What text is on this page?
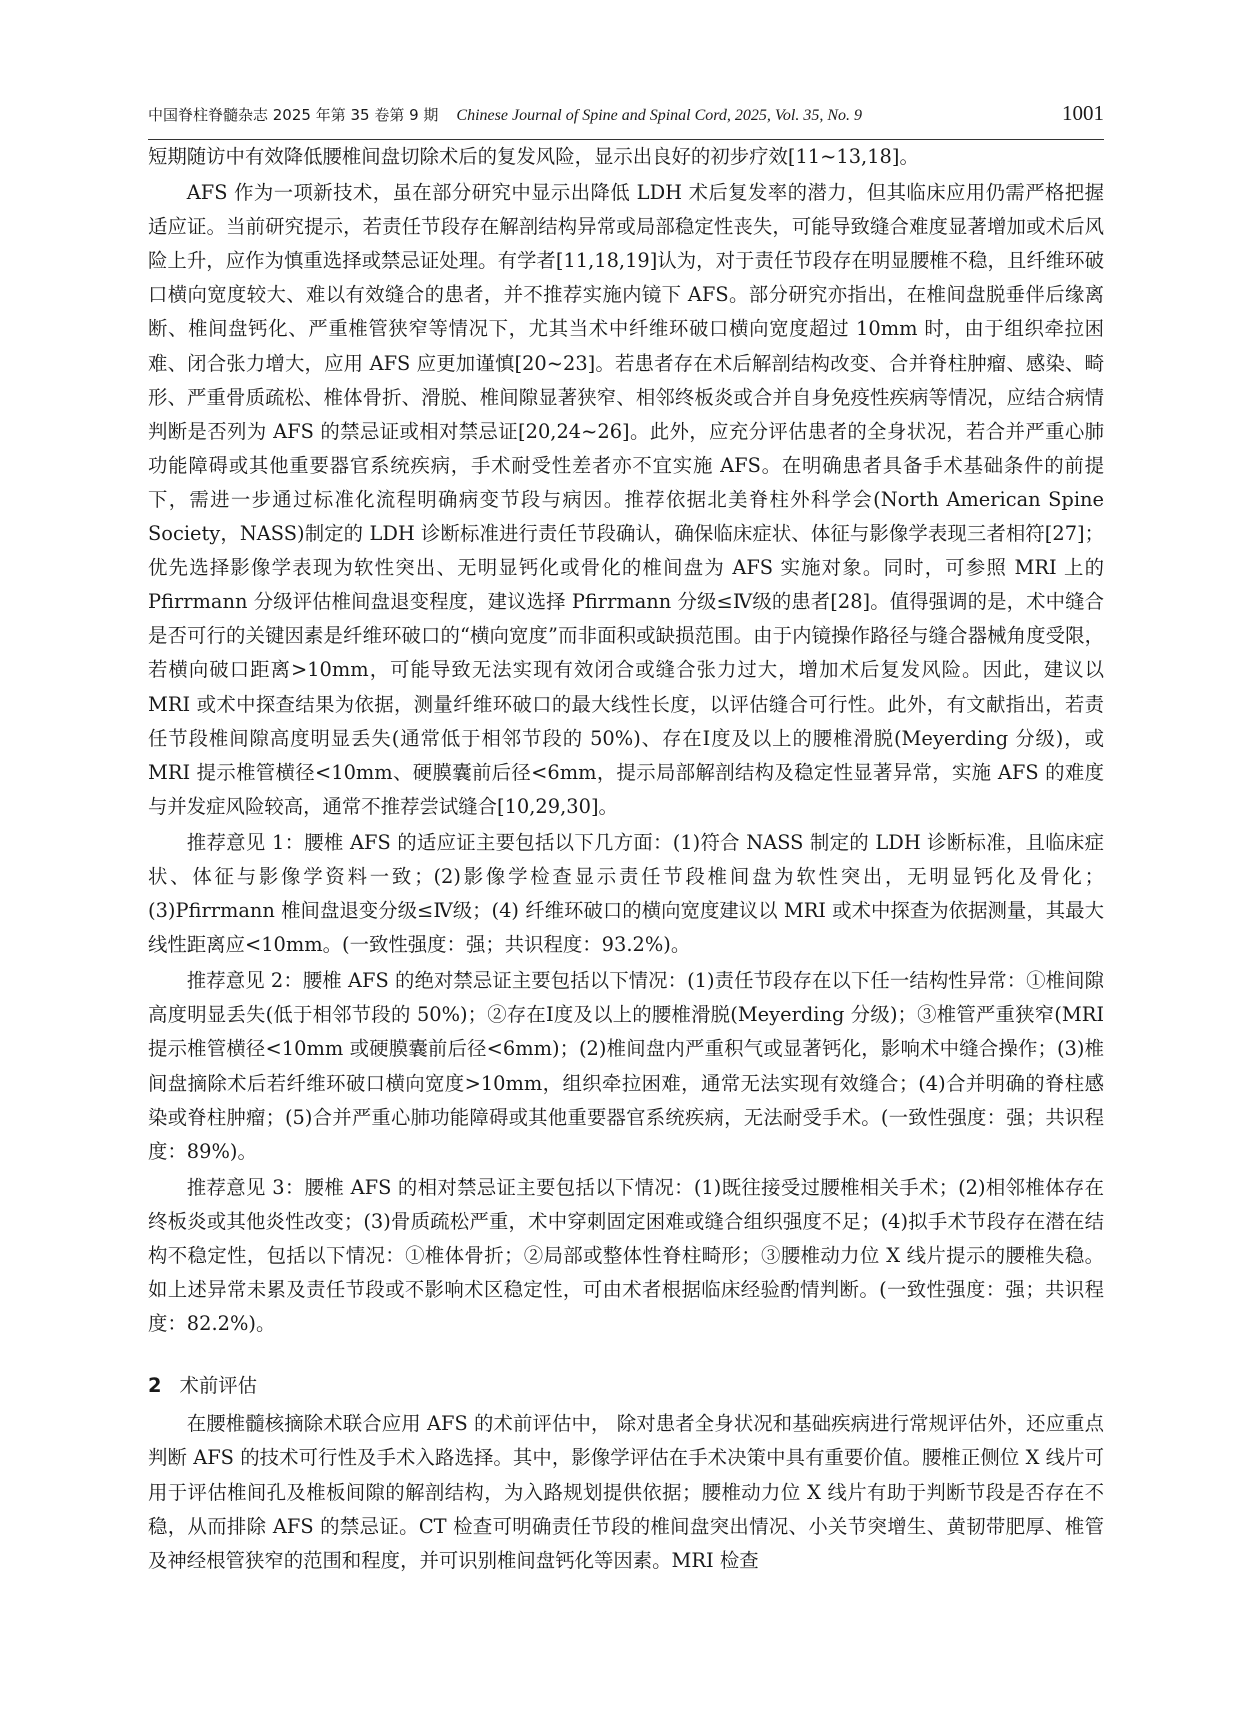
中国脊柱脊髓杂志 2025 年第 35 卷第 9 期 Chinese Journal of Spine and Spinal Cord, 2025, Vol. 35, No. 9	1001

短期随访中有效降低腰椎间盘切除术后的复发风险，显示出良好的初步疗效[11~13,18]。

AFS 作为一项新技术，虽在部分研究中显示出降低 LDH 术后复发率的潜力，但其临床应用仍需严格把握适应证。当前研究提示，若责任节段存在解剖结构异常或局部稳定性丧失，可能导致缝合难度显著增加或术后风险上升，应作为慎重选择或禁忌证处理。有学者[11,18,19]认为，对于责任节段存在明显腰椎不稳，且纤维环破口横向宽度较大、难以有效缝合的患者，并不推荐实施内镜下 AFS。部分研究亦指出，在椎间盘脱垂伴后缘离断、椎间盘钙化、严重椎管狭窄等情况下，尤其当术中纤维环破口横向宽度超过 10mm 时，由于组织牵拉困难、闭合张力增大，应用 AFS 应更加谨慎[20~23]。若患者存在术后解剖结构改变、合并脊柱肿瘤、感染、畸形、严重骨质疏松、椎体骨折、滑脱、椎间隙显著狭窄、相邻终板炎或合并自身免疫性疾病等情况，应结合病情判断是否列为 AFS 的禁忌证或相对禁忌证[20,24~26]。此外，应充分评估患者的全身状况，若合并严重心肺功能障碍或其他重要器官系统疾病，手术耐受性差者亦不宜实施 AFS。在明确患者具备手术基础条件的前提下，需进一步通过标准化流程明确病变节段与病因。推荐依据北美脊柱外科学会(North American Spine Society，NASS)制定的 LDH 诊断标准进行责任节段确认，确保临床症状、体征与影像学表现三者相符[27]；优先选择影像学表现为软性突出、无明显钙化或骨化的椎间盘为 AFS 实施对象。同时，可参照 MRI 上的 Pfirrmann 分级评估椎间盘退变程度，建议选择 Pfirrmann 分级≤Ⅳ级的患者[28]。值得强调的是，术中缝合是否可行的关键因素是纤维环破口的“横向宽度”而非面积或缺损范围。由于内镜操作路径与缝合器械角度受限，若横向破口距离>10mm，可能导致无法实现有效闭合或缝合张力过大，增加术后复发风险。因此，建议以 MRI 或术中探查结果为依据，测量纤维环破口的最大线性长度，以评估缝合可行性。此外，有文献指出，若责任节段椎间隙高度明显丢失(通常低于相邻节段的 50%)、存在Ⅰ度及以上的腰椎滑脱(Meyerding 分级)，或 MRI 提示椎管横径<10mm、硬膜囊前后径<6mm，提示局部解剖结构及稳定性显著异常，实施 AFS 的难度与并发症风险较高，通常不推荐尝试缝合[10,29,30]。

推荐意见 1：腰椎 AFS 的适应证主要包括以下几方面：(1)符合 NASS 制定的 LDH 诊断标准，且临床症状、体征与影像学资料一致；(2)影像学检查显示责任节段椎间盘为软性突出，无明显钙化及骨化；(3)Pfirrmann 椎间盘退变分级≤Ⅳ级；(4) 纤维环破口的横向宽度建议以 MRI 或术中探查为依据测量，其最大线性距离应<10mm。(一致性强度：强；共识程度：93.2%)。

推荐意见 2：腰椎 AFS 的绝对禁忌证主要包括以下情况：(1)责任节段存在以下任一结构性异常：①椎间隙高度明显丢失(低于相邻节段的 50%)；②存在Ⅰ度及以上的腰椎滑脱(Meyerding 分级)；③椎管严重狭窄(MRI 提示椎管横径<10mm 或硬膜囊前后径<6mm)；(2)椎间盘内严重积气或显著钙化，影响术中缝合操作；(3)椎间盘摘除术后若纤维环破口横向宽度>10mm，组织牵拉困难，通常无法实现有效缝合；(4)合并明确的脊柱感染或脊柱肿瘤；(5)合并严重心肺功能障碍或其他重要器官系统疾病，无法耐受手术。(一致性强度：强；共识程度：89%)。

推荐意见 3：腰椎 AFS 的相对禁忌证主要包括以下情况：(1)既往接受过腰椎相关手术；(2)相邻椎体存在终板炎或其他炎性改变；(3)骨质疏松严重，术中穿刺固定困难或缝合组织强度不足；(4)拟手术节段存在潜在结构不稳定性，包括以下情况：①椎体骨折；②局部或整体性脊柱畸形；③腰椎动力位 X 线片提示的腰椎失稳。如上述异常未累及责任节段或不影响术区稳定性，可由术者根据临床经验酌情判断。(一致性强度：强；共识程度：82.2%)。

2 术前评估

在腰椎髓核摘除术联合应用 AFS 的术前评估中， 除对患者全身状况和基础疾病进行常规评估外，还应重点判断 AFS 的技术可行性及手术入路选择。其中，影像学评估在手术决策中具有重要价值。腰椎正侧位 X 线片可用于评估椎间孔及椎板间隙的解剖结构，为入路规划提供依据；腰椎动力位 X 线片有助于判断节段是否存在不稳，从而排除 AFS 的禁忌证。CT 检查可明确责任节段的椎间盘突出情况、小关节突增生、黄韧带肥厚、椎管及神经根管狭窄的范围和程度，并可识别椎间盘钙化等因素。MRI 检查
